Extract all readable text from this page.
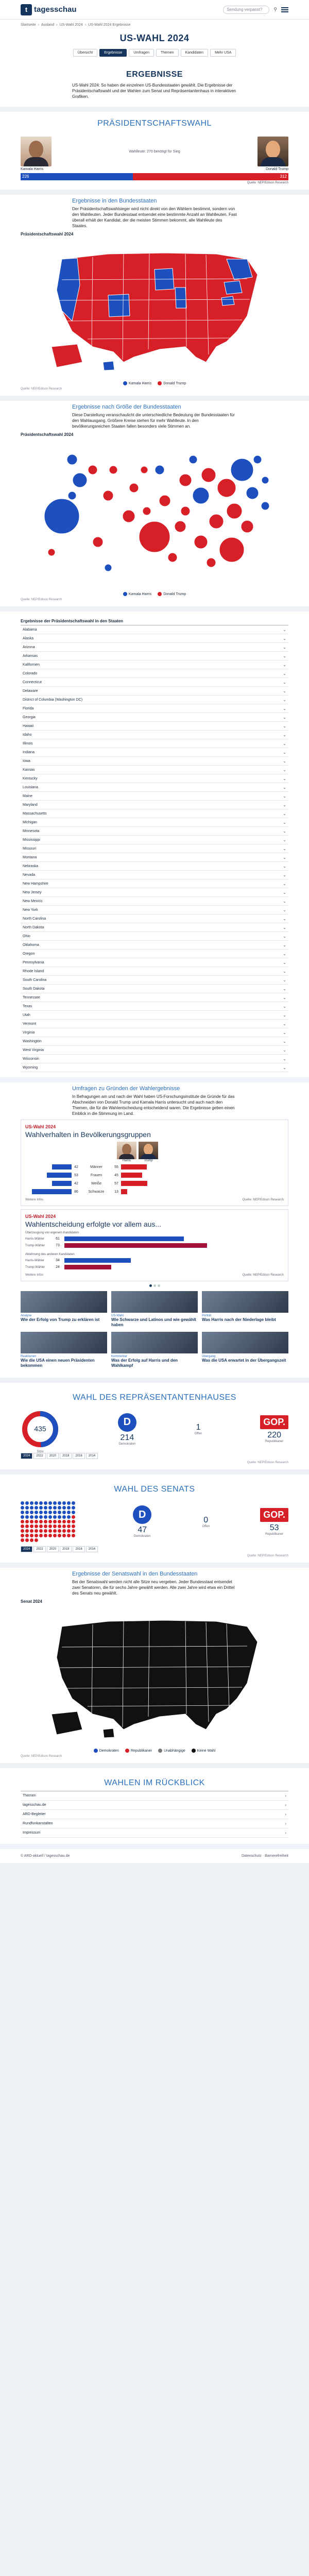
t tagesschau	Sendung verpasst? ⚲
Startseite › Ausland › US-Wahl 2024 › US-Wahl 2024 Ergebnisse
US-WAHL 2024
Übersicht	Ergebnisse	Umfragen	Themen	Kandidaten	Mehr USA
ERGEBNISSE

US-Wahl 2024: So haben die einzelnen US-Bundesstaaten gewählt. Die Ergebnisse der Präsidentschaftswahl und der Wahlen zum Senat und Repräsentantenhaus in interaktiven Grafiken.

PRÄSIDENTSCHAFTSWAHL
Wahlleute: 270 benötigt für Sieg
Kamala Harris	Donald Trump
226	312
Quelle: NEP/Edison Research
Ergebnisse in den Bundesstaaten

Der Präsidentschaftswahlsieger wird nicht direkt von den Wählern bestimmt, sondern von den Wahlleuten. Jeder Bundesstaat entsendet eine bestimmte Anzahl an Wahlleuten. Fast überall erhält der Kandidat, der die meisten Stimmen bekommt, alle Wahlleute des Staates.

Präsidentschaftswahl 2024
Kamala Harris	Donald Trump
Quelle: NEP/Edison Research
Ergebnisse nach Größe der Bundesstaaten

Diese Darstellung veranschaulicht die unterschiedliche Bedeutung der Bundesstaaten für den Wahlausgang. Größere Kreise stehen für mehr Wahlleute. In den bevölkerungsreichen Staaten fallen besonders viele Stimmen an.

Präsidentschaftswahl 2024
Kamala Harris	Donald Trump
Quelle: NEP/Edison Research
Ergebnisse der Präsidentschaftswahl in den Staaten
Alabama	⌄
Alaska	⌄
Arizona	⌄
Arkansas	⌄
Kalifornien	⌄
Colorado	⌄
Connecticut	⌄
Delaware	⌄
District of Columbia (Washington DC)	⌄
Florida	⌄
Georgia	⌄
Hawaii	⌄
Idaho	⌄
Illinois	⌄
Indiana	⌄
Iowa	⌄
Kansas	⌄
Kentucky	⌄
Louisiana	⌄
Maine	⌄
Maryland	⌄
Massachusetts	⌄
Michigan	⌄
Minnesota	⌄
Mississippi	⌄
Missouri	⌄
Montana	⌄
Nebraska	⌄
Nevada	⌄
New Hampshire	⌄
New Jersey	⌄
New Mexico	⌄
New York	⌄
North Carolina	⌄
North Dakota	⌄
Ohio	⌄
Oklahoma	⌄
Oregon	⌄
Pennsylvania	⌄
Rhode Island	⌄
South Carolina	⌄
South Dakota	⌄
Tennessee	⌄
Texas	⌄
Utah	⌄
Vermont	⌄
Virginia	⌄
Washington	⌄
West Virginia	⌄
Wisconsin	⌄
Wyoming	⌄
Umfragen zu Gründen der Wahlergebnisse

In Befragungen am und nach der Wahl haben US-Forschungsinstitute die Gründe für das Abschneiden von Donald Trump und Kamala Harris untersucht und auch nach den Themen, die für die Wahlentscheidung entscheidend waren. Die Ergebnisse geben einen Einblick in die Stimmung im Land.

US-Wahl 2024
Wahlverhalten in Bevölkerungsgruppen
Harris	Trump
42	Männer	55
53	Frauen	45
42	Weiße	57
86	Schwarze	13
Weitere Infos	Quelle: NEP/Edison Research
US-Wahl 2024
Wahlentscheidung erfolgte vor allem aus...
Überzeugung von eigenem Kandidaten
Harris-Wähler	61
Trump-Wähler	73
Ablehnung des anderen Kandidaten
Harris-Wähler	34
Trump-Wähler	24
Weitere Infos	Quelle: NEP/Edison Research
Analyse
Wie der Erfolg von Trump zu erklären ist
US-Wahl
Wie Schwarze und Latinos und wie gewählt haben
Porträt
Was Harris nach der Niederlage bleibt
Reaktionen
Wie die USA einen neuen Präsidenten bekommen
Kommentar
Was der Erfolg auf Harris und den Wahlkampf
Übergang
Was die USA erwartet in der Übergangszeit
WAHL DES REPRÄSENTANTENHAUSES
435
Sitze
D
214
Demokraten
1
Offen
GOP.
220
Republikaner
2024	2022	2020	2018	2016	2014
Quelle: NEP/Edison Research
WAHL DES SENATS
D
47
Demokraten
0
Offen
GOP.
53
Republikaner
2024	2022	2020	2018	2016	2014
Quelle: NEP/Edison Research
Ergebnisse der Senatswahl in den Bundesstaaten

Bei der Senatswahl werden nicht alle Sitze neu vergeben. Jeder Bundesstaat entsendet zwei Senatoren, die für sechs Jahre gewählt werden. Alle zwei Jahre wird etwa ein Drittel des Senats neu gewählt.

Senat 2024
Demokraten	Republikaner	Unabhängige	Keine Wahl
Quelle: NEP/Edison Research
WAHLEN IM RÜCKBLICK
Themen	›
tagesschau.de	›
ARD-Begleiter	›
Rundfunkanstalten	›
Impressum	›
© ARD-aktuell / tagesschau.de	Datenschutz · Barrierefreiheit
